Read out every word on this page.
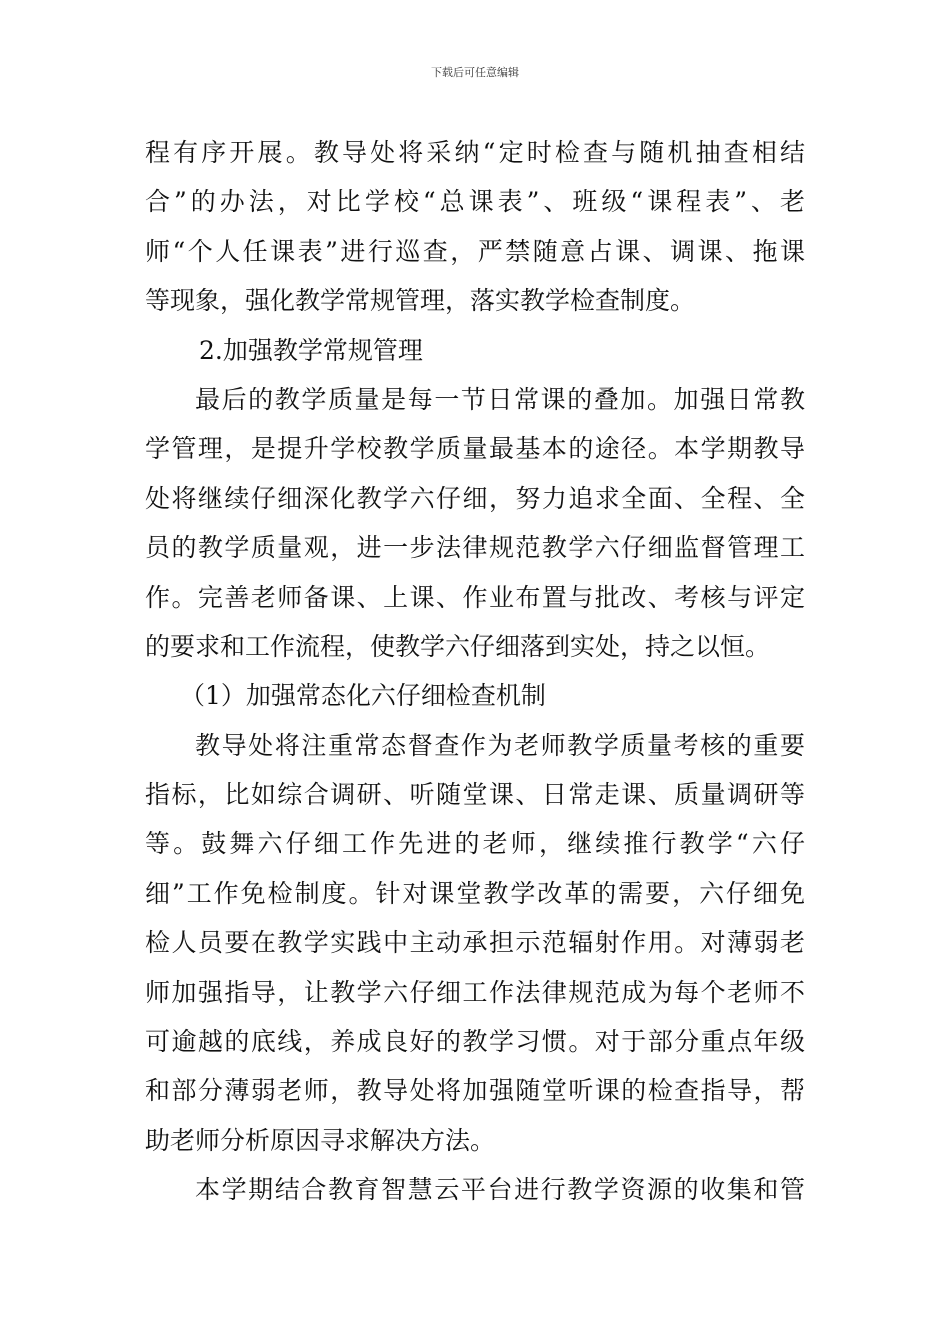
下载后可任意编辑
程有序开展。教导处将采纳“定时检查与随机抽查相结
合”的办法，对比学校“总课表”、班级“课程表”、老
师“个人任课表”进行巡查，严禁随意占课、调课、拖课
等现象，强化教学常规管理，落实教学检查制度。
2.加强教学常规管理
最后的教学质量是每一节日常课的叠加。加强日常教
学管理，是提升学校教学质量最基本的途径。本学期教导
处将继续仔细深化教学六仔细，努力追求全面、全程、全
员的教学质量观，进一步法律规范教学六仔细监督管理工
作。完善老师备课、上课、作业布置与批改、考核与评定
的要求和工作流程，使教学六仔细落到实处，持之以恒。
（1）加强常态化六仔细检查机制
教导处将注重常态督查作为老师教学质量考核的重要
指标，比如综合调研、听随堂课、日常走课、质量调研等
等。鼓舞六仔细工作先进的老师，继续推行教学“六仔
细”工作免检制度。针对课堂教学改革的需要，六仔细免
检人员要在教学实践中主动承担示范辐射作用。对薄弱老
师加强指导，让教学六仔细工作法律规范成为每个老师不
可逾越的底线，养成良好的教学习惯。对于部分重点年级
和部分薄弱老师，教导处将加强随堂听课的检查指导，帮
助老师分析原因寻求解决方法。
本学期结合教育智慧云平台进行教学资源的收集和管
